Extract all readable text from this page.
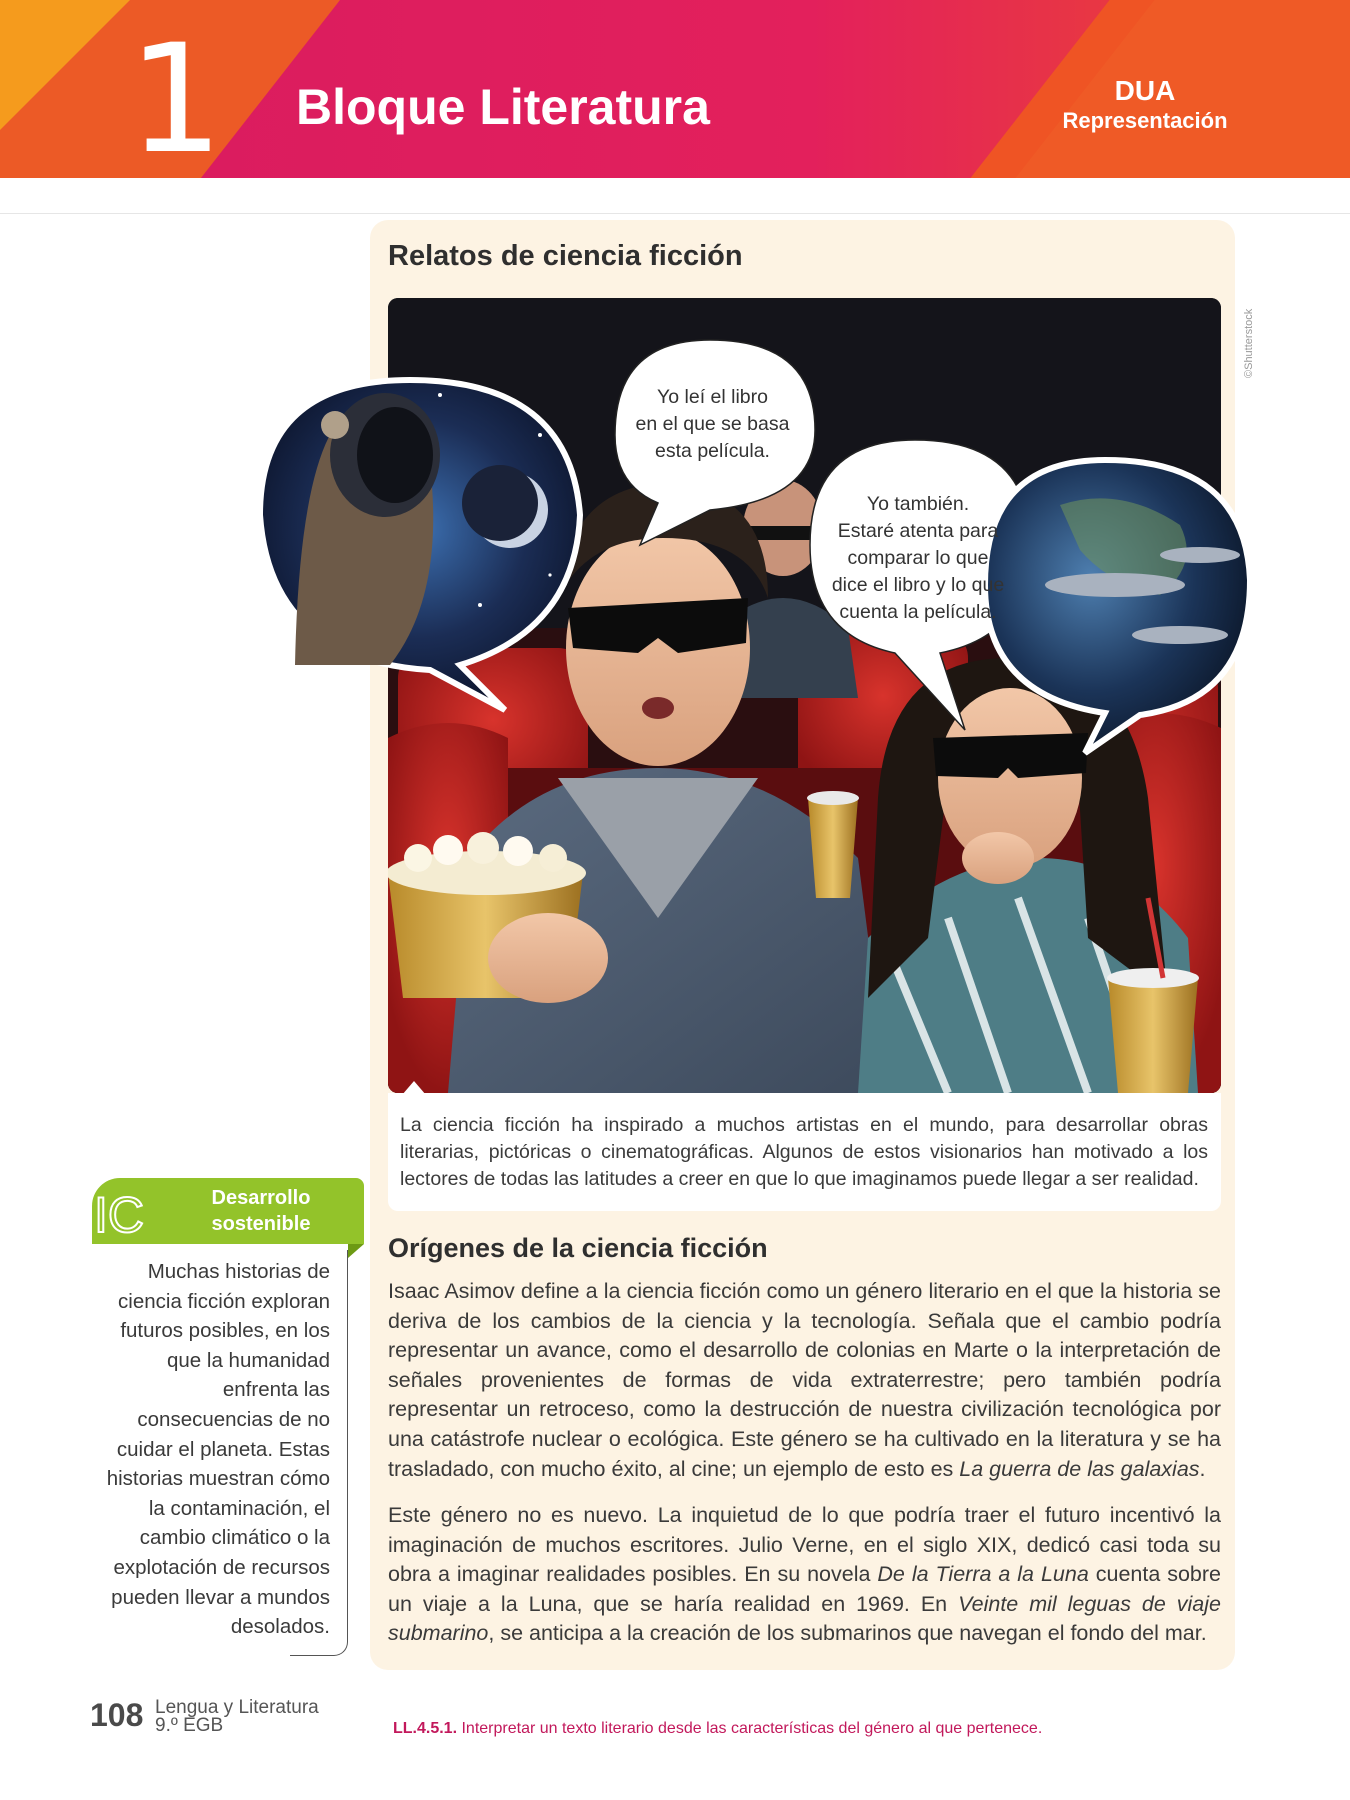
1 Bloque Literatura	DUA
Representación
Relatos de ciencia ficción
Yo leí el libro
en el que se basa
esta película.
Yo también.
Estaré atenta para
comparar lo que
dice el libro y lo que
cuenta la película.
©Shutterstock
La ciencia ficción ha inspirado a muchos artistas en el mundo, para desarrollar obras literarias, pictóricas o cinematográficas. Algunos de estos visionarios han motivado a los lectores de todas las latitudes a creer en que lo que imaginamos puede llegar a ser realidad.
Orígenes de la ciencia ficción
Isaac Asimov define a la ciencia ficción como un género literario en el que la historia se deriva de los cambios de la ciencia y la tecnología. Señala que el cambio podría representar un avance, como el desarrollo de colonias en Marte o la interpretación de señales provenientes de formas de vida extraterrestre; pero también podría representar un retroceso, como la destrucción de nuestra civilización tecnológica por una catástrofe nuclear o ecológica. Este género se ha cultivado en la literatura y se ha trasladado, con mucho éxito, al cine; un ejemplo de esto es La guerra de las galaxias.
Este género no es nuevo. La inquietud de lo que podría traer el futuro incentivó la imaginación de muchos escritores. Julio Verne, en el siglo XIX, dedicó casi toda su obra a imaginar realidades posibles. En su novela De la Tierra a la Luna cuenta sobre un viaje a la Luna, que se haría realidad en 1969. En Veinte mil leguas de viaje submarino, se anticipa a la creación de los submarinos que navegan el fondo del mar.
IC	Desarrollo
sostenible
Muchas historias de
ciencia ficción exploran
futuros posibles, en los
que la humanidad
enfrenta las
consecuencias de no
cuidar el planeta. Estas
historias muestran cómo
la contaminación, el
cambio climático o la
explotación de recursos
pueden llevar a mundos
desolados.
108 Lengua y Literatura
9.º EGB	LL.4.5.1. Interpretar un texto literario desde las características del género al que pertenece.
